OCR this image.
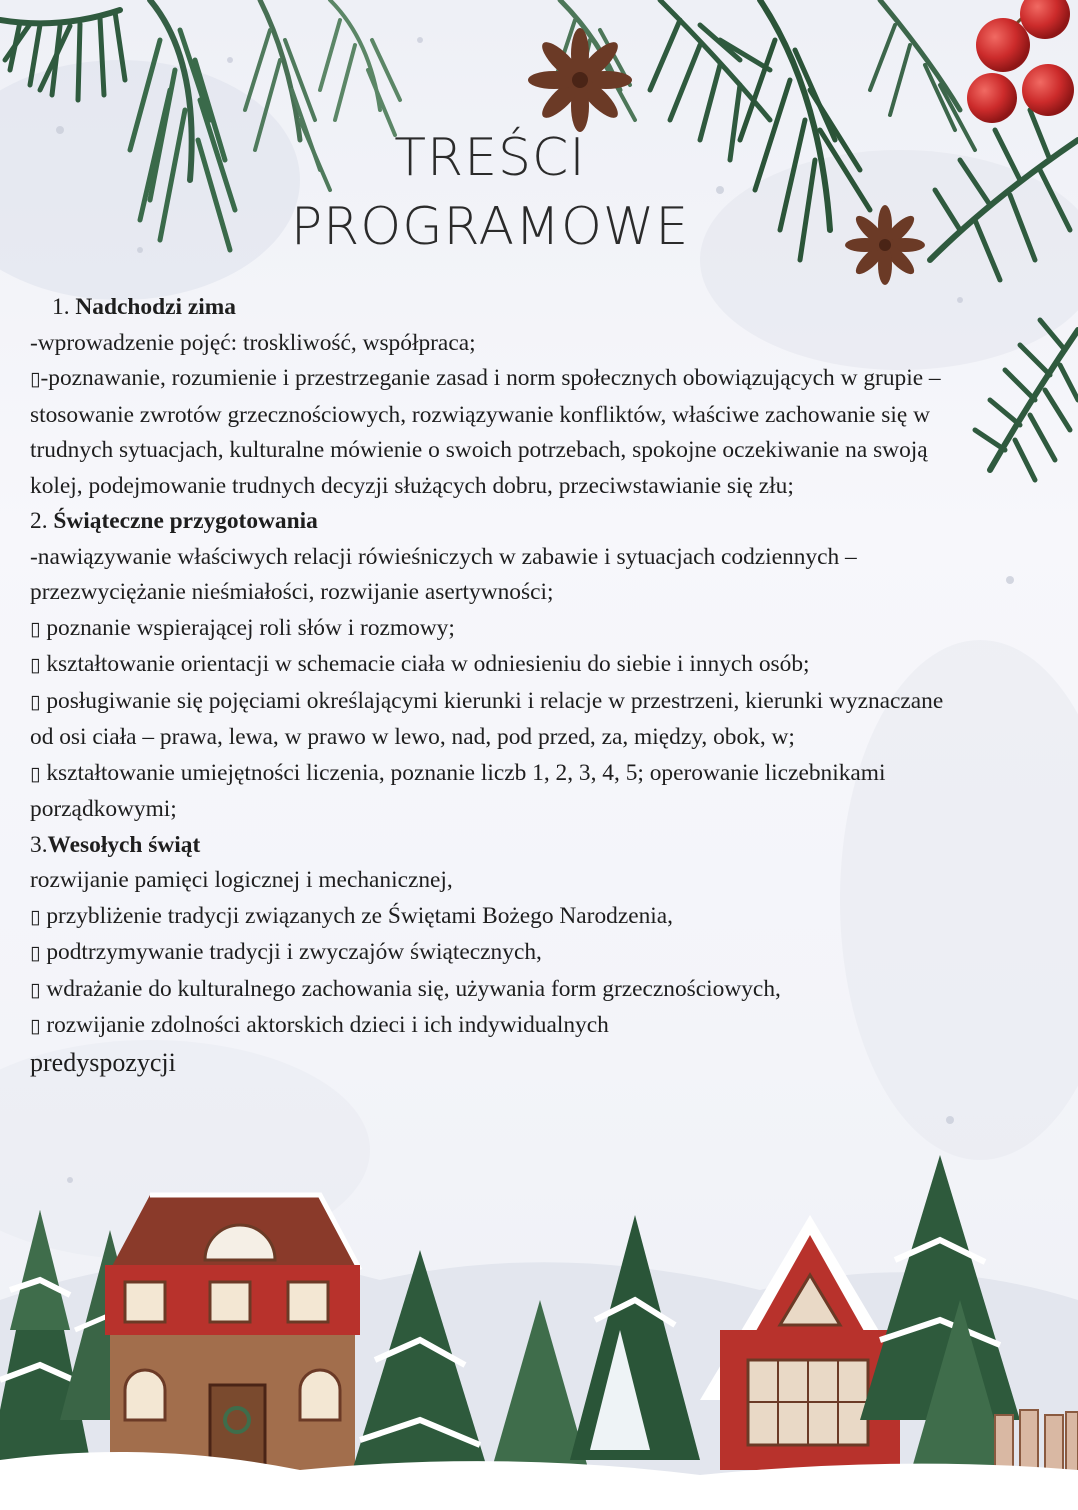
TREŚCI
PROGRAMOWE

1. Nadchodzi zima

-wprowadzenie pojęć: troskliwość, współpraca;

▯-poznawanie, rozumienie i przestrzeganie zasad i norm społecznych obowiązujących w grupie – stosowanie zwrotów grzecznościowych, rozwiązywanie konfliktów, właściwe zachowanie się w trudnych sytuacjach, kulturalne mówienie o swoich potrzebach, spokojne oczekiwanie na swoją kolej, podejmowanie trudnych decyzji służących dobru, przeciwstawianie się złu;

2. Świąteczne przygotowania

-nawiązywanie właściwych relacji rówieśniczych w zabawie i sytuacjach codziennych – przezwyciężanie nieśmiałości, rozwijanie asertywności;

▯ poznanie wspierającej roli słów i rozmowy;

▯ kształtowanie orientacji w schemacie ciała w odniesieniu do siebie i innych osób;

▯ posługiwanie się pojęciami określającymi kierunki i relacje w przestrzeni, kierunki wyznaczane od osi ciała – prawa, lewa, w prawo w lewo, nad, pod przed, za, między, obok, w;

▯ kształtowanie umiejętności liczenia, poznanie liczb 1, 2, 3, 4, 5; operowanie liczebnikami porządkowymi;

3.Wesołych świąt

rozwijanie pamięci logicznej i mechanicznej,

▯ przybliżenie tradycji związanych ze Świętami Bożego Narodzenia,

▯ podtrzymywanie tradycji i zwyczajów świątecznych,

▯ wdrażanie do kulturalnego zachowania się, używania form grzecznościowych,

▯ rozwijanie zdolności aktorskich dzieci i ich indywidualnych

predyspozycji
